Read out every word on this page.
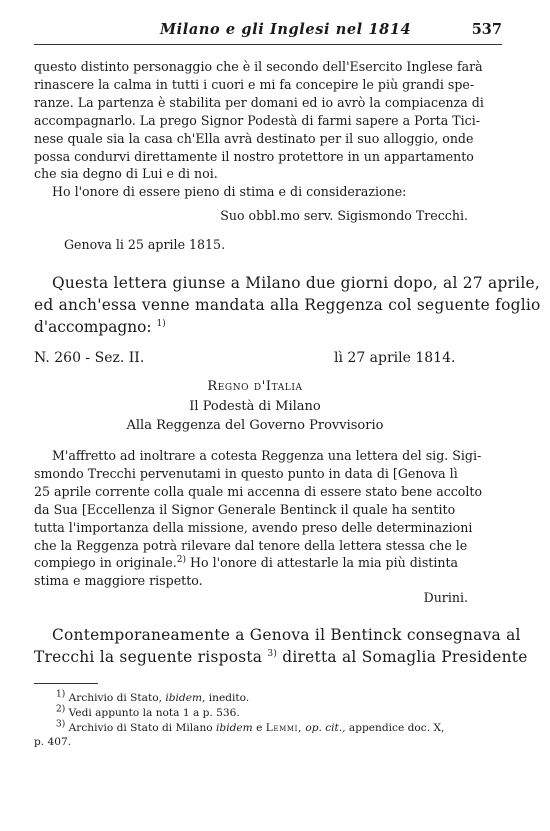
Milano e gli Inglesi nel 1814	537
questo distinto personaggio che è il secondo dell'Esercito Inglese farà
rinascere la calma in tutti i cuori e mi fa concepire le più grandi spe-
ranze. La partenza è stabilita per domani ed io avrò la compiacenza di
accompagnarlo. La prego Signor Podestà di farmi sapere a Porta Tici-
nese quale sia la casa ch'Ella avrà destinato per il suo alloggio, onde
possa condurvi direttamente il nostro protettore in un appartamento
che sia degno di Lui e di noi.
Ho l'onore di essere pieno di stima e di considerazione:
Suo obbl.mo serv. Sigismondo Trecchi.
Genova li 25 aprile 1815.
Questa lettera giunse a Milano due giorni dopo, al 27 aprile,
ed anch'essa venne mandata alla Reggenza col seguente foglio
d'accompagno: $^{1)}$
N. 260 - Sez. II.	lì 27 aprile 1814.
Regno d'Italia
Il Podestà di Milano
Alla Reggenza del Governo Provvisorio
M'affretto ad inoltrare a cotesta Reggenza una lettera del sig. Sigi-
smondo Trecchi pervenutami in questo punto in data di [Genova lì
25 aprile corrente colla quale mi accenna di essere stato bene accolto
da Sua [Eccellenza il Signor Generale Bentinck il quale ha sentito
tutta l'importanza della missione, avendo preso delle determinazioni
che la Reggenza potrà rilevare dal tenore della lettera stessa che le
compiego in originale.$^{2)}$ Ho l'onore di attestarle la mia più distinta
stima e maggiore rispetto.
Durini.
Contemporaneamente a Genova il Bentinck consegnava al
Trecchi la seguente risposta $^{3)}$ diretta al Somaglia Presidente
$^{1)}$ Archivio di Stato, ibidem, inedito.
$^{2)}$ Vedi appunto la nota 1 a p. 536.
$^{3)}$ Archivio di Stato di Milano ibidem e Lemmi, op. cit., appendice doc. X,
p. 407.
